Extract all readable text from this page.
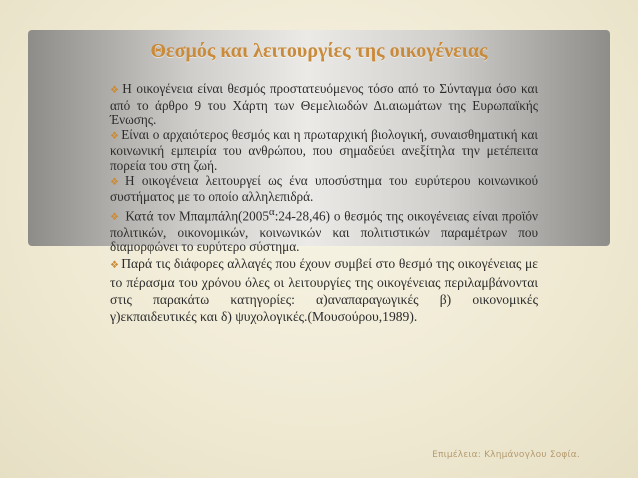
Θεσμός και λειτουργίες της οικογένειας

❖ Η οικογένεια είναι θεσμός προστατευόμενος τόσο από το Σύνταγμα όσο και από το άρθρο 9 του Χάρτη των Θεμελιωδών Δι.αιωμάτων της Ευρωπαϊκής Ένωσης.

❖ Είναι ο αρχαιότερος θεσμός και η πρωταρχική βιολογική, συναισθηματική και κοινωνική εμπειρία του ανθρώπου, που σημαδεύει ανεξίτηλα την μετέπειτα πορεία του στη ζωή.

❖ Η οικογένεια λειτουργεί ως ένα υποσύστημα του ευρύτερου κοινωνικού συστήματος με το οποίο αλληλεπιδρά.

❖ Κατά τον $M\pi\alpha\mu\pi ά\lambda\eta(2005^\alpha:24-28,46)$ ο θεσμός της οικογένειας είναι προϊόν πολιτικών, οικονομικών, κοινωνικών και πολιτιστικών παραμέτρων που διαμορφώνει το ευρύτερο σύστημα.

❖ Παρά τις διάφορες αλλαγές που έχουν συμβεί στο θεσμό της οικογένειας με το πέρασμα του χρόνου όλες οι λειτουργίες της οικογένειας περιλαμβάνονται στις παρακάτω κατηγορίες: α)αναπαραγωγικές β) οικονομικές γ)εκπαιδευτικές και δ) ψυχολογικές.(Μουσούρου,1989).

Επιμέλεια: Κλημάνογλου Σοφία.
